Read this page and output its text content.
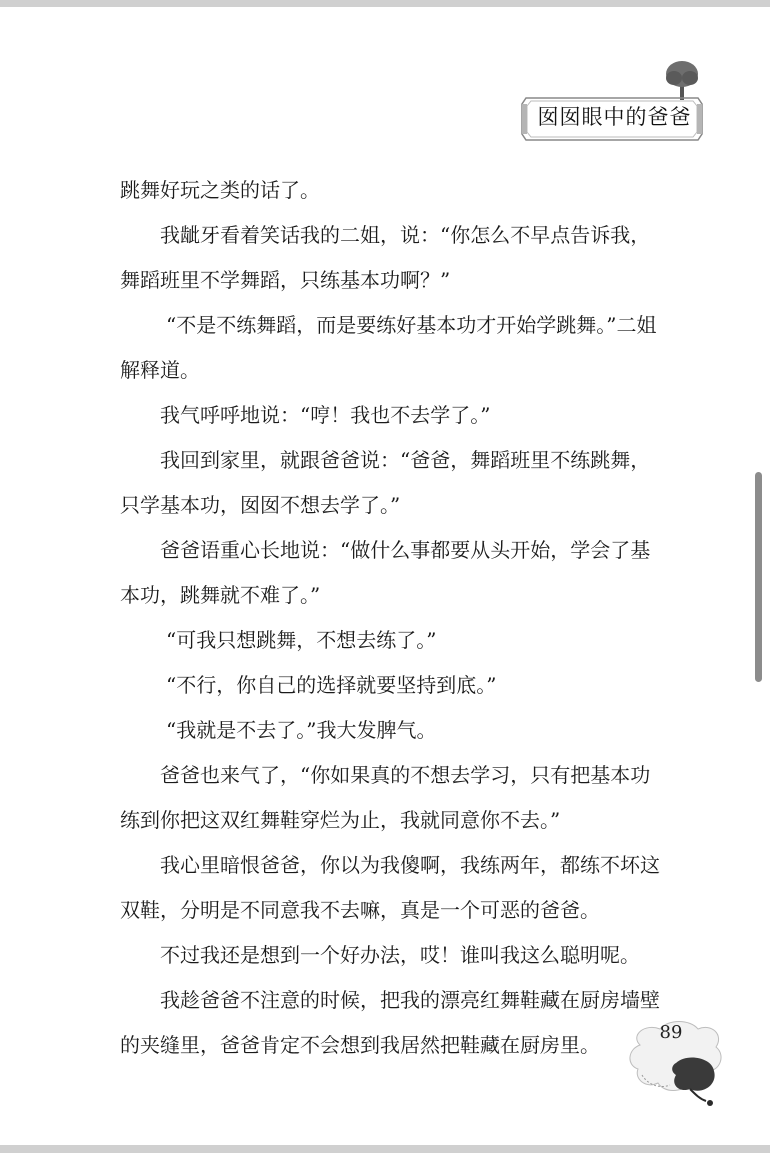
囡囡眼中的爸爸

跳舞好玩之类的话了。

我龇牙看着笑话我的二姐，说：“你怎么不早点告诉我，舞蹈班里不学舞蹈，只练基本功啊？”

“不是不练舞蹈，而是要练好基本功才开始学跳舞。”二姐解释道。

我气呼呼地说：“哼！我也不去学了。”

我回到家里，就跟爸爸说：“爸爸，舞蹈班里不练跳舞，只学基本功，囡囡不想去学了。”

爸爸语重心长地说：“做什么事都要从头开始，学会了基本功，跳舞就不难了。”

“可我只想跳舞，不想去练了。”

“不行，你自己的选择就要坚持到底。”

“我就是不去了。”我大发脾气。

爸爸也来气了，“你如果真的不想去学习，只有把基本功练到你把这双红舞鞋穿烂为止，我就同意你不去。”

我心里暗恨爸爸，你以为我傻啊，我练两年，都练不坏这双鞋，分明是不同意我不去嘛，真是一个可恶的爸爸。

不过我还是想到一个好办法，哎！谁叫我这么聪明呢。

我趁爸爸不注意的时候，把我的漂亮红舞鞋藏在厨房墙壁的夹缝里，爸爸肯定不会想到我居然把鞋藏在厨房里。

89
